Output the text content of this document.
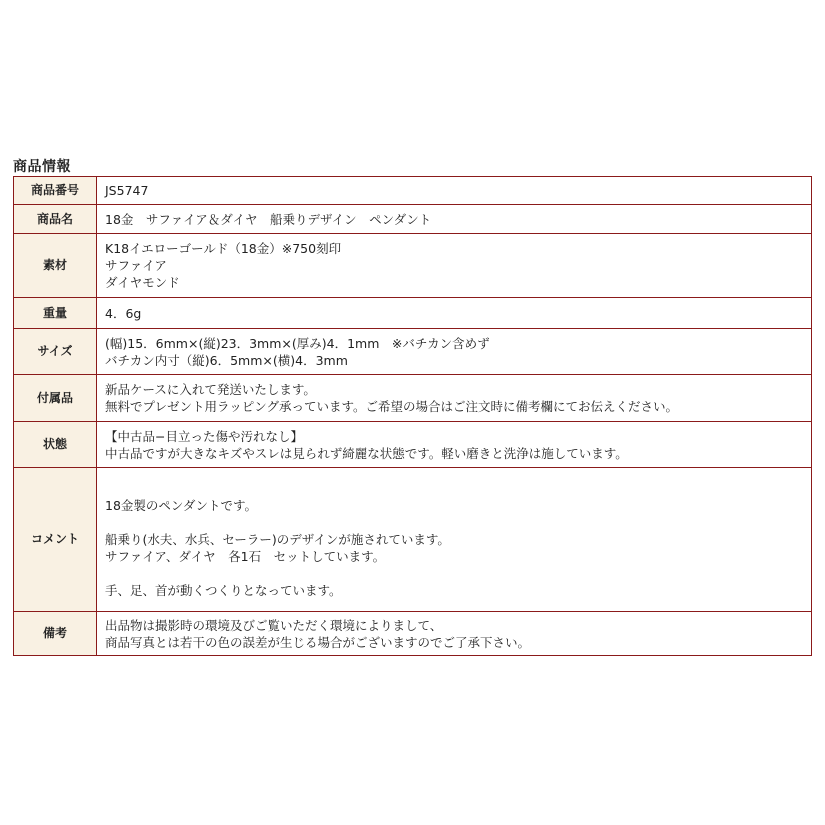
商品情報
商品番号	JS5747

商品名	18金　サファイア＆ダイヤ　船乗りデザイン　ペンダント

素材	K18イエローゴールド（18金）※750刻印
サファイア
ダイヤモンド

重量	4．6g

サイズ	(幅)15．6mm×(縦)23．3mm×(厚み)4．1mm　※バチカン含めず
バチカン内寸（縦)6．5mm×(横)4．3mm

付属品	新品ケースに入れて発送いたします。
無料でプレゼント用ラッピング承っています。ご希望の場合はご注文時に備考欄にてお伝えください。

状態	【中古品−目立った傷や汚れなし】
中古品ですが大きなキズやスレは見られず綺麗な状態です。軽い磨きと洗浄は施しています。

コメント	18金製のペンダントです。
船乗り(水夫、水兵、セーラー)のデザインが施されています。
サファイア、ダイヤ　各1石　セットしています。
手、足、首が動くつくりとなっています。

備考	出品物は撮影時の環境及びご覧いただく環境によりまして、
商品写真とは若干の色の誤差が生じる場合がございますのでご了承下さい。
